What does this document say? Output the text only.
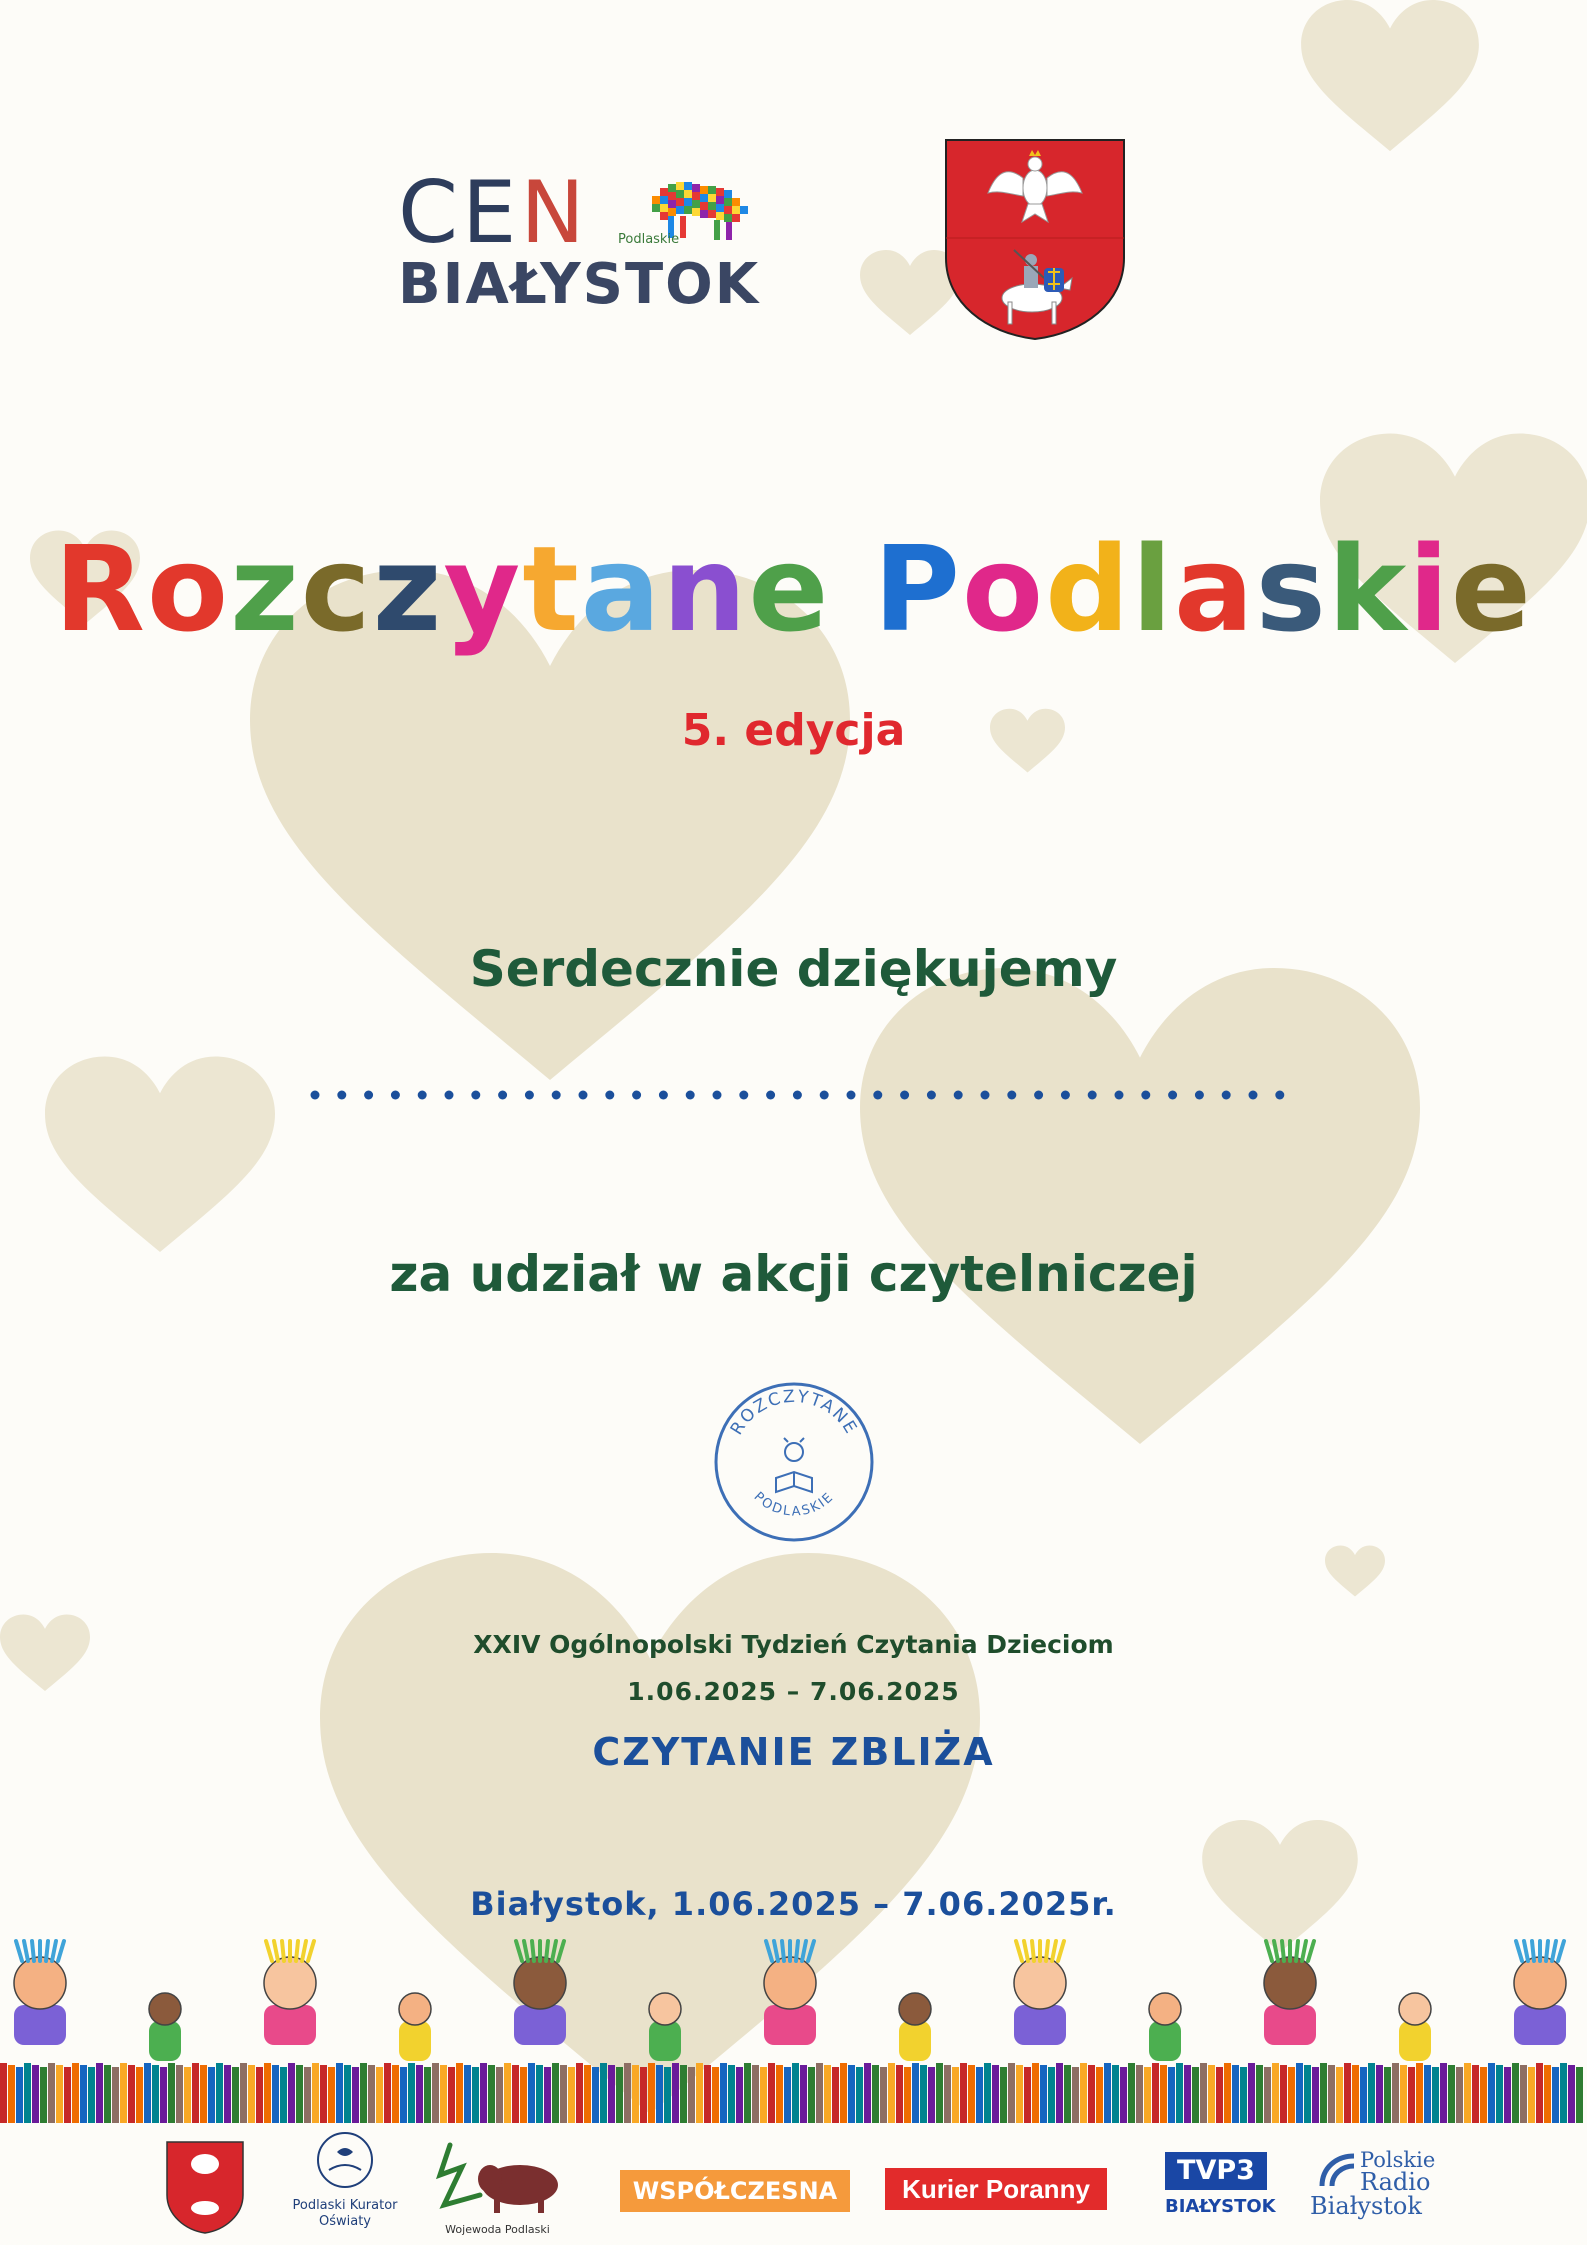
CEN Podlaskie
BIAŁYSTOK
Rozczytane Podlaskie
5. edycja
Serdecznie dziękujemy
za udział w akcji czytelniczej
ROZCZYTANE
PODLASKIE
XXIV Ogólnopolski Tydzień Czytania Dzieciom
1.06.2025 – 7.06.2025
CZYTANIE ZBLIŻA
Białystok, 1.06.2025 – 7.06.2025r.
Podlaski Kurator Oświaty
Wojewoda Podlaski
WSPÓŁCZESNA	Kurier Poranny
TVP3
BIAŁYSTOK
Polskie
Radio
Białystok
